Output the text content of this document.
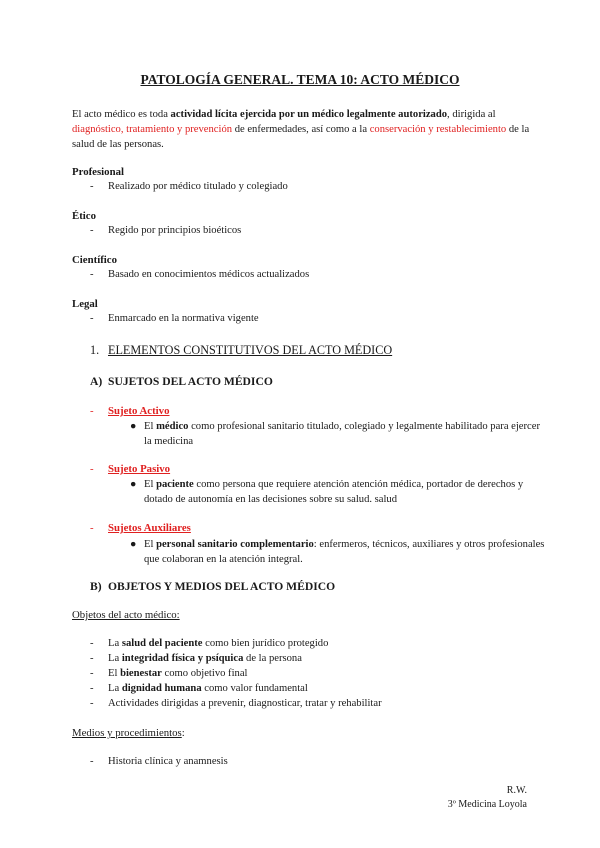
PATOLOGÍA GENERAL. TEMA 10: ACTO MÉDICO
El acto médico es toda actividad lícita ejercida por un médico legalmente autorizado, dirigida al diagnóstico, tratamiento y prevención de enfermedades, así como a la conservación y restablecimiento de la salud de las personas.
Profesional
- Realizado por médico titulado y colegiado
Ético
- Regido por principios bioéticos
Científico
- Basado en conocimientos médicos actualizados
Legal
- Enmarcado en la normativa vigente
1. ELEMENTOS CONSTITUTIVOS DEL ACTO MÉDICO
A) SUJETOS DEL ACTO MÉDICO
- Sujeto Activo
● El médico como profesional sanitario titulado, colegiado y legalmente habilitado para ejercer la medicina
- Sujeto Pasivo
● El paciente como persona que requiere atención atención médica, portador de derechos y dotado de autonomía en las decisiones sobre su salud. salud
- Sujetos Auxiliares
● El personal sanitario complementario: enfermeros, técnicos, auxiliares y otros profesionales que colaboran en la atención integral.
B) OBJETOS Y MEDIOS DEL ACTO MÉDICO
Objetos del acto médico:
- La salud del paciente como bien jurídico protegido
- La integridad física y psíquica de la persona
- El bienestar como objetivo final
- La dignidad humana como valor fundamental
- Actividades dirigidas a prevenir, diagnosticar, tratar y rehabilitar
Medios y procedimientos:
- Historia clínica y anamnesis
R.W.
3º Medicina Loyola
